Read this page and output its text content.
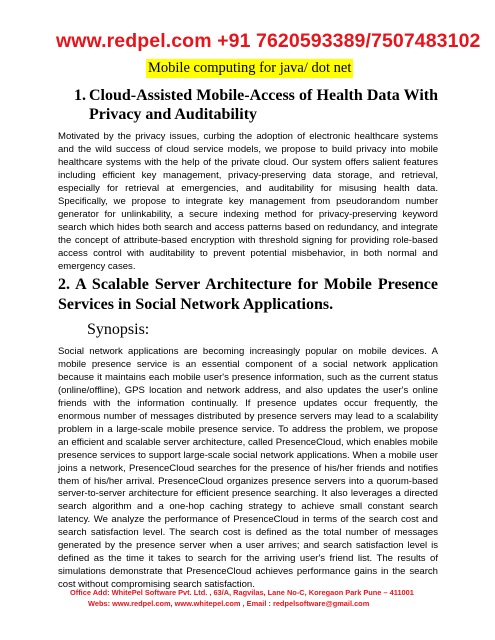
www.redpel.com +91 7620593389/7507483102
Mobile computing for java/ dot net
1. Cloud-Assisted Mobile-Access of Health Data With
Privacy and Auditability

Motivated by the privacy issues, curbing the adoption of electronic healthcare systems and the wild success of cloud service models, we propose to build privacy into mobile healthcare systems with the help of the private cloud. Our system offers salient features including efficient key management, privacy-preserving data storage, and retrieval, especially for retrieval at emergencies, and auditability for misusing health data. Specifically, we propose to integrate key management from pseudorandom number generator for unlinkability, a secure indexing method for privacy-preserving keyword search which hides both search and access patterns based on redundancy, and integrate the concept of attribute-based encryption with threshold signing for providing role-based access control with auditability to prevent potential misbehavior, in both normal and emergency cases.

2. A Scalable Server Architecture for Mobile Presence Services in Social Network Applications.

Synopsis:

Social network applications are becoming increasingly popular on mobile devices. A mobile presence service is an essential component of a social network application because it maintains each mobile user's presence information, such as the current status (online/offline), GPS location and network address, and also updates the user's online friends with the information continually. If presence updates occur frequently, the enormous number of messages distributed by presence servers may lead to a scalability problem in a large-scale mobile presence service. To address the problem, we propose an efficient and scalable server architecture, called PresenceCloud, which enables mobile presence services to support large-scale social network applications. When a mobile user joins a network, PresenceCloud searches for the presence of his/her friends and notifies them of his/her arrival. PresenceCloud organizes presence servers into a quorum-based server-to-server architecture for efficient presence searching. It also leverages a directed search algorithm and a one-hop caching strategy to achieve small constant search latency. We analyze the performance of PresenceCloud in terms of the search cost and search satisfaction level. The search cost is defined as the total number of messages generated by the presence server when a user arrives; and search satisfaction level is defined as the time it takes to search for the arriving user's friend list. The results of simulations demonstrate that PresenceCloud achieves performance gains in the search cost without compromising search satisfaction.

Office Add: WhitePel Software Pvt. Ltd. , 63/A, Ragvilas, Lane No-C, Koregaon Park Pune – 411001
Webs: www.redpel.com, www.whitepel.com , Email : redpelsoftware@gmail.com
